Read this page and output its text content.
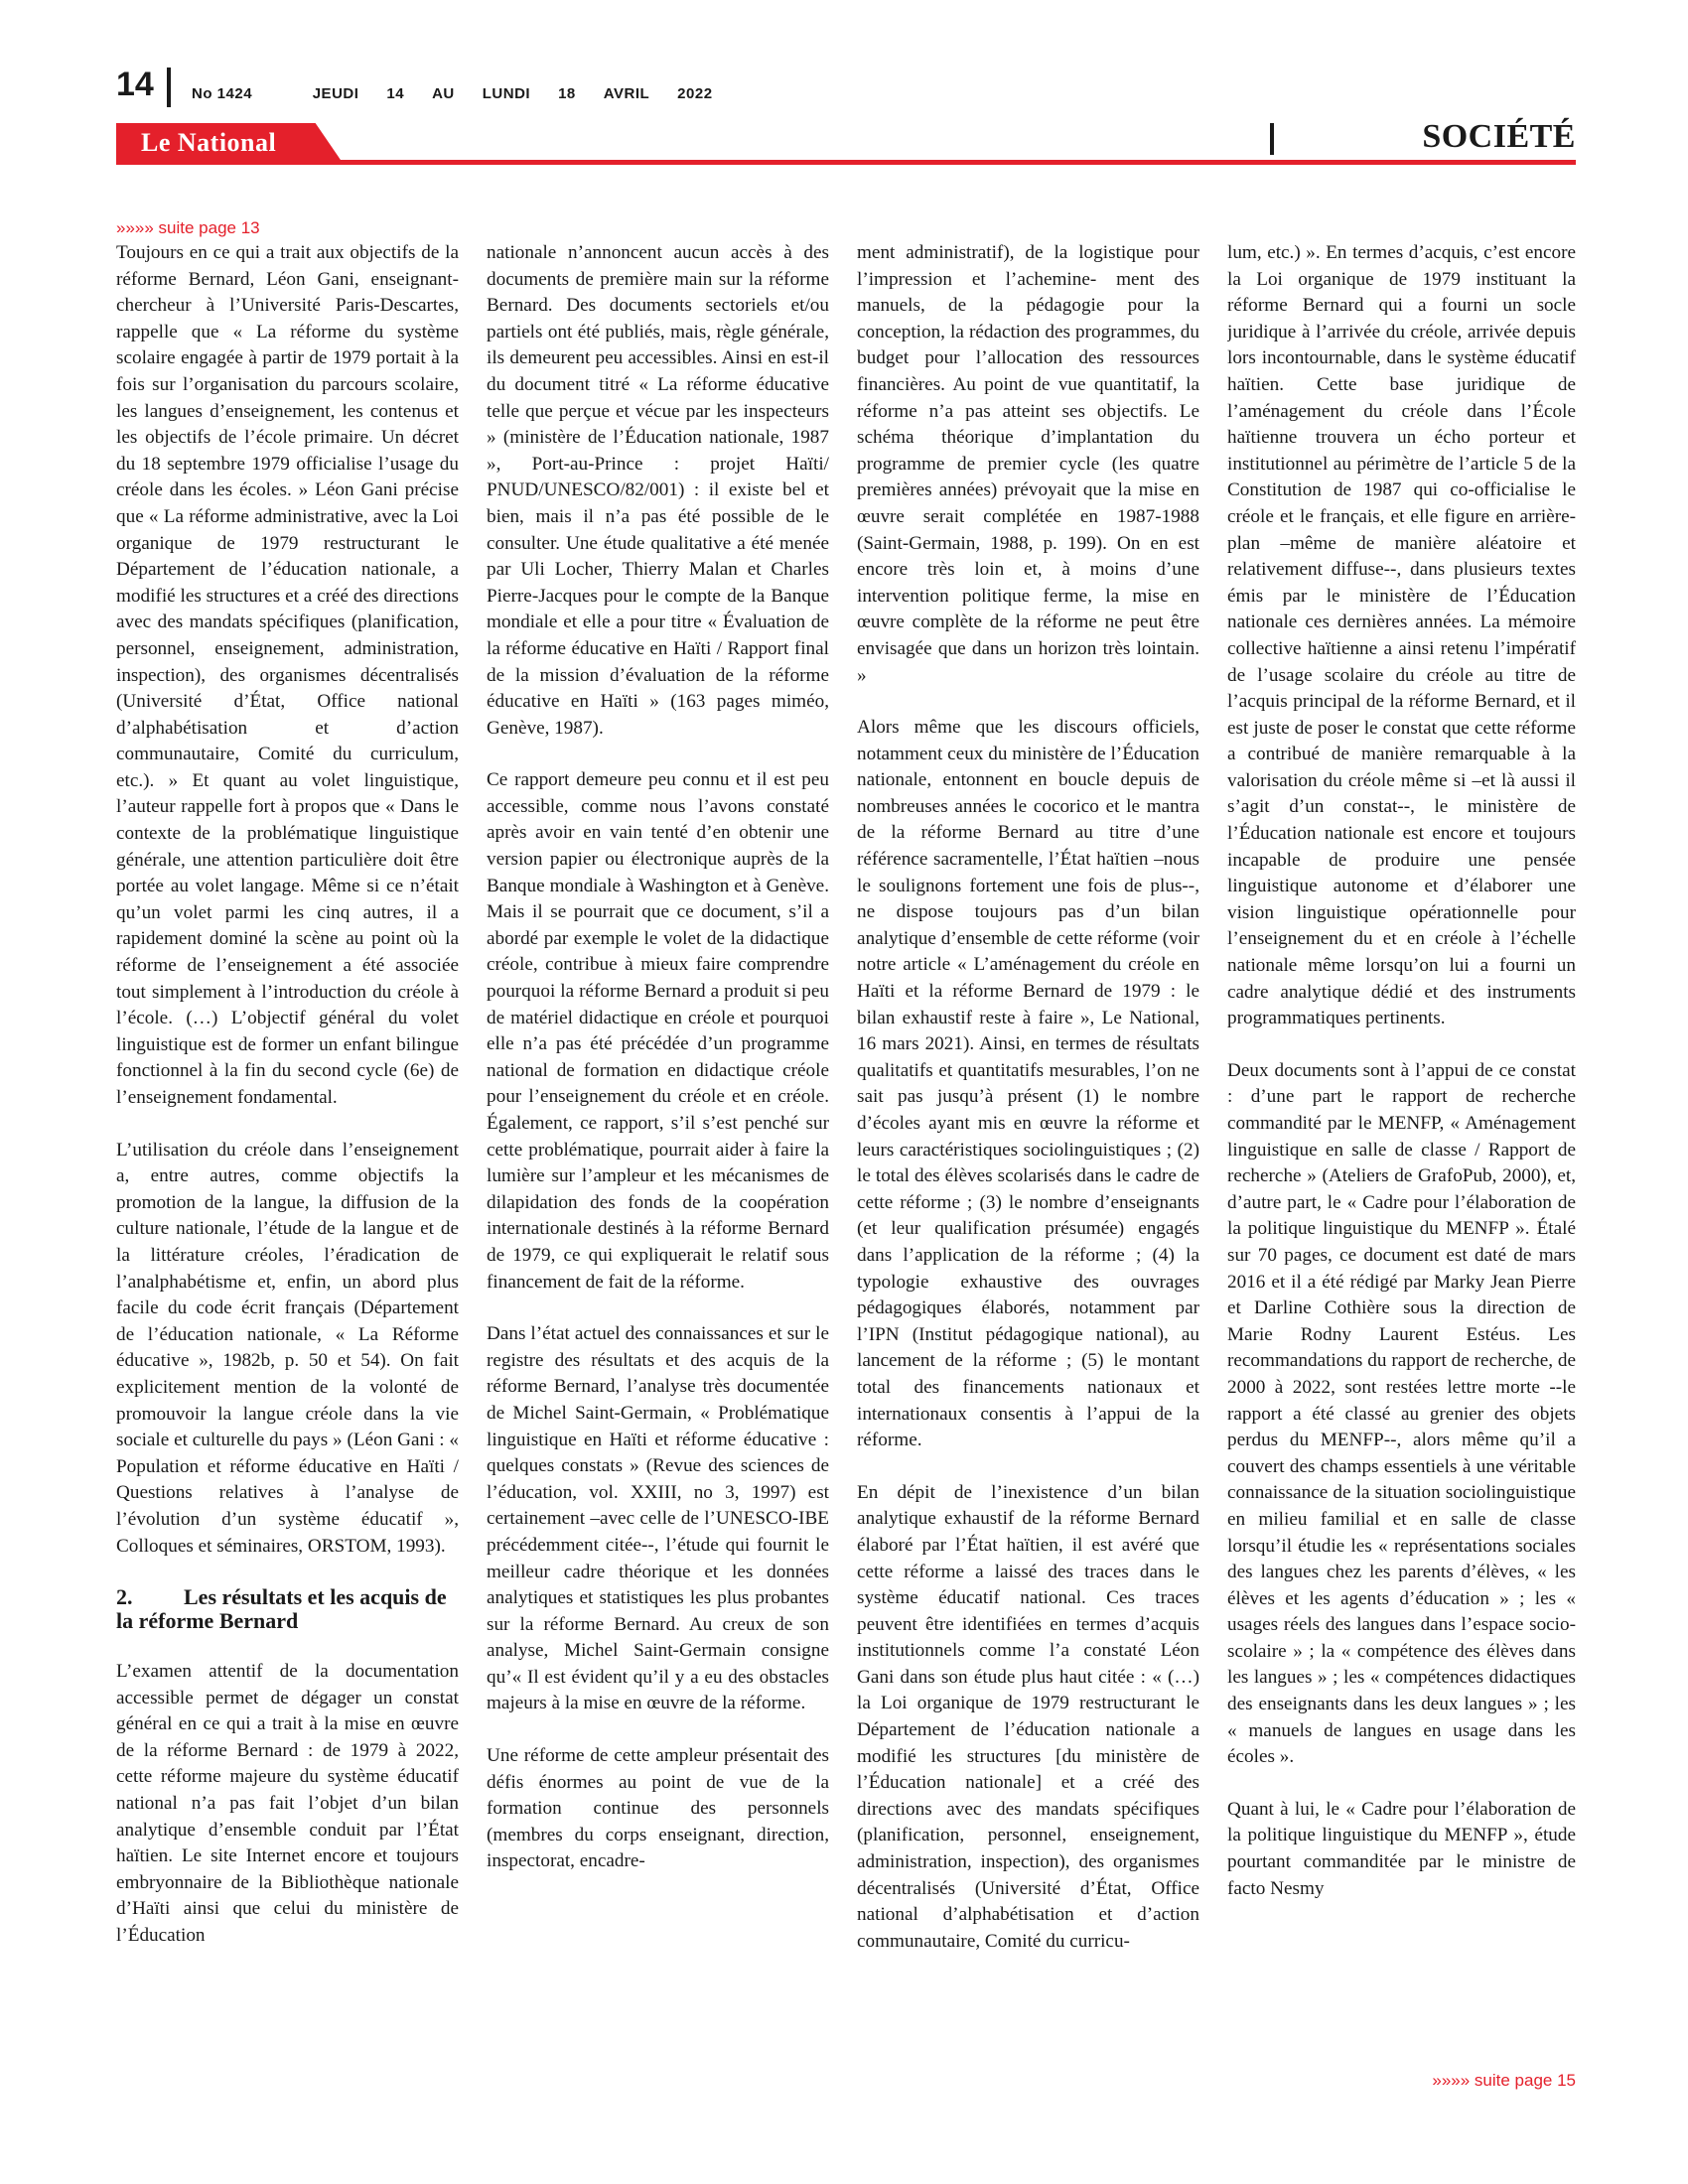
14	No 1424	JEUDI 14 AU LUNDI 18 AVRIL 2022
Le National	SOCIÉTÉ
»»»» suite page 13

Toujours en ce qui a trait aux objectifs de la réforme Bernard, Léon Gani, enseignant-chercheur à l’Université Paris-Descartes, rappelle que « La réforme du système scolaire engagée à partir de 1979 portait à la fois sur l’organisation du parcours scolaire, les langues d’enseignement, les contenus et les objectifs de l’école primaire. Un décret du 18 septembre 1979 officialise l’usage du créole dans les écoles. » Léon Gani précise que « La réforme administrative, avec la Loi organique de 1979 restructurant le Département de l’éducation nationale, a modifié les structures et a créé des directions avec des mandats spécifiques (planification, personnel, enseignement, administration, inspection), des organismes décentralisés (Université d’État, Office national d’alphabétisation et d’action communautaire, Comité du curriculum, etc.). » Et quant au volet linguistique, l’auteur rappelle fort à propos que « Dans le contexte de la problématique linguistique générale, une attention particulière doit être portée au volet langage. Même si ce n’était qu’un volet parmi les cinq autres, il a rapidement dominé la scène au point où la réforme de l’enseignement a été associée tout simplement à l’introduction du créole à l’école. (…) L’objectif général du volet linguistique est de former un enfant bilingue fonctionnel à la fin du second cycle (6e) de l’enseignement fondamental.

L’utilisation du créole dans l’enseignement a, entre autres, comme objectifs la promotion de la langue, la diffusion de la culture nationale, l’étude de la langue et de la littérature créoles, l’éradication de l’analphabétisme et, enfin, un abord plus facile du code écrit français (Département de l’éducation nationale, « La Réforme éducative », 1982b, p. 50 et 54). On fait explicitement mention de la volonté de promouvoir la langue créole dans la vie sociale et culturelle du pays » (Léon Gani : « Population et réforme éducative en Haïti / Questions relatives à l’analyse de l’évolution d’un système éducatif », Colloques et séminaires, ORSTOM, 1993).

2. Les résultats et les acquis de la réforme Bernard

L’examen attentif de la documentation accessible permet de dégager un constat général en ce qui a trait à la mise en œuvre de la réforme Bernard : de 1979 à 2022, cette réforme majeure du système éducatif national n’a pas fait l’objet d’un bilan analytique d’ensemble conduit par l’État haïtien. Le site Internet encore et toujours embryonnaire de la Bibliothèque nationale d’Haïti ainsi que celui du ministère de l’Éducation

nationale n’annoncent aucun accès à des documents de première main sur la réforme Bernard. Des documents sectoriels et/ou partiels ont été publiés, mais, règle générale, ils demeurent peu accessibles. Ainsi en est-il du document titré « La réforme éducative telle que perçue et vécue par les inspecteurs » (ministère de l’Éducation nationale, 1987 », Port-au-Prince : projet Haïti/ PNUD/UNESCO/82/001) : il existe bel et bien, mais il n’a pas été possible de le consulter. Une étude qualitative a été menée par Uli Locher, Thierry Malan et Charles Pierre-Jacques pour le compte de la Banque mondiale et elle a pour titre « Évaluation de la réforme éducative en Haïti / Rapport final de la mission d’évaluation de la réforme éducative en Haïti » (163 pages miméo, Genève, 1987).

Ce rapport demeure peu connu et il est peu accessible, comme nous l’avons constaté après avoir en vain tenté d’en obtenir une version papier ou électronique auprès de la Banque mondiale à Washington et à Genève. Mais il se pourrait que ce document, s’il a abordé par exemple le volet de la didactique créole, contribue à mieux faire comprendre pourquoi la réforme Bernard a produit si peu de matériel didactique en créole et pourquoi elle n’a pas été précédée d’un programme national de formation en didactique créole pour l’enseignement du créole et en créole. Également, ce rapport, s’il s’est penché sur cette problématique, pourrait aider à faire la lumière sur l’ampleur et les mécanismes de dilapidation des fonds de la coopération internationale destinés à la réforme Bernard de 1979, ce qui expliquerait le relatif sous financement de fait de la réforme.

Dans l’état actuel des connaissances et sur le registre des résultats et des acquis de la réforme Bernard, l’analyse très documentée de Michel Saint-Germain, « Problématique linguistique en Haïti et réforme éducative : quelques constats » (Revue des sciences de l’éducation, vol. XXIII, no 3, 1997) est certainement –avec celle de l’UNESCO-IBE précédemment citée--, l’étude qui fournit le meilleur cadre théorique et les données analytiques et statistiques les plus probantes sur la réforme Bernard. Au creux de son analyse, Michel Saint-Germain consigne qu’« Il est évident qu’il y a eu des obstacles majeurs à la mise en œuvre de la réforme.

Une réforme de cette ampleur présentait des défis énormes au point de vue de la formation continue des personnels (membres du corps enseignant, direction, inspectorat, encadre-

ment administratif), de la logistique pour l’impression et l’achemine- ment des manuels, de la pédagogie pour la conception, la rédaction des programmes, du budget pour l’allocation des ressources financières. Au point de vue quantitatif, la réforme n’a pas atteint ses objectifs. Le schéma théorique d’implantation du programme de premier cycle (les quatre premières années) prévoyait que la mise en œuvre serait complétée en 1987-1988 (Saint-Germain, 1988, p. 199). On en est encore très loin et, à moins d’une intervention politique ferme, la mise en œuvre complète de la réforme ne peut être envisagée que dans un horizon très lointain. »

Alors même que les discours officiels, notamment ceux du ministère de l’Éducation nationale, entonnent en boucle depuis de nombreuses années le cocorico et le mantra de la réforme Bernard au titre d’une référence sacramentelle, l’État haïtien –nous le soulignons fortement une fois de plus--, ne dispose toujours pas d’un bilan analytique d’ensemble de cette réforme (voir notre article « L’aménagement du créole en Haïti et la réforme Bernard de 1979 : le bilan exhaustif reste à faire », Le National, 16 mars 2021). Ainsi, en termes de résultats qualitatifs et quantitatifs mesurables, l’on ne sait pas jusqu’à présent (1) le nombre d’écoles ayant mis en œuvre la réforme et leurs caractéristiques sociolinguistiques ; (2) le total des élèves scolarisés dans le cadre de cette réforme ; (3) le nombre d’enseignants (et leur qualification présumée) engagés dans l’application de la réforme ; (4) la typologie exhaustive des ouvrages pédagogiques élaborés, notamment par l’IPN (Institut pédagogique national), au lancement de la réforme ; (5) le montant total des financements nationaux et internationaux consentis à l’appui de la réforme.

En dépit de l’inexistence d’un bilan analytique exhaustif de la réforme Bernard élaboré par l’État haïtien, il est avéré que cette réforme a laissé des traces dans le système éducatif national. Ces traces peuvent être identifiées en termes d’acquis institutionnels comme l’a constaté Léon Gani dans son étude plus haut citée : « (…) la Loi organique de 1979 restructurant le Département de l’éducation nationale a modifié les structures [du ministère de l’Éducation nationale] et a créé des directions avec des mandats spécifiques (planification, personnel, enseignement, administration, inspection), des organismes décentralisés (Université d’État, Office national d’alphabétisation et d’action communautaire, Comité du curricu-

lum, etc.) ». En termes d’acquis, c’est encore la Loi organique de 1979 instituant la réforme Bernard qui a fourni un socle juridique à l’arrivée du créole, arrivée depuis lors incontournable, dans le système éducatif haïtien. Cette base juridique de l’aménagement du créole dans l’École haïtienne trouvera un écho porteur et institutionnel au périmètre de l’article 5 de la Constitution de 1987 qui co-officialise le créole et le français, et elle figure en arrière-plan –même de manière aléatoire et relativement diffuse--, dans plusieurs textes émis par le ministère de l’Éducation nationale ces dernières années. La mémoire collective haïtienne a ainsi retenu l’impératif de l’usage scolaire du créole au titre de l’acquis principal de la réforme Bernard, et il est juste de poser le constat que cette réforme a contribué de manière remarquable à la valorisation du créole même si –et là aussi il s’agit d’un constat--, le ministère de l’Éducation nationale est encore et toujours incapable de produire une pensée linguistique autonome et d’élaborer une vision linguistique opérationnelle pour l’enseignement du et en créole à l’échelle nationale même lorsqu’on lui a fourni un cadre analytique dédié et des instruments programmatiques pertinents.

Deux documents sont à l’appui de ce constat : d’une part le rapport de recherche commandité par le MENFP, « Aménagement linguistique en salle de classe / Rapport de recherche » (Ateliers de GrafoPub, 2000), et, d’autre part, le « Cadre pour l’élaboration de la politique linguistique du MENFP ». Étalé sur 70 pages, ce document est daté de mars 2016 et il a été rédigé par Marky Jean Pierre et Darline Cothière sous la direction de Marie Rodny Laurent Estéus. Les recommandations du rapport de recherche, de 2000 à 2022, sont restées lettre morte --le rapport a été classé au grenier des objets perdus du MENFP--, alors même qu’il a couvert des champs essentiels à une véritable connaissance de la situation sociolinguistique en milieu familial et en salle de classe lorsqu’il étudie les « représentations sociales des langues chez les parents d’élèves, « les élèves et les agents d’éducation » ; les « usages réels des langues dans l’espace socio-scolaire » ; la « compétence des élèves dans les langues » ; les « compétences didactiques des enseignants dans les deux langues » ; les « manuels de langues en usage dans les écoles ».

Quant à lui, le « Cadre pour l’élaboration de la politique linguistique du MENFP », étude pourtant commanditée par le ministre de facto Nesmy

»»»» suite page 15
